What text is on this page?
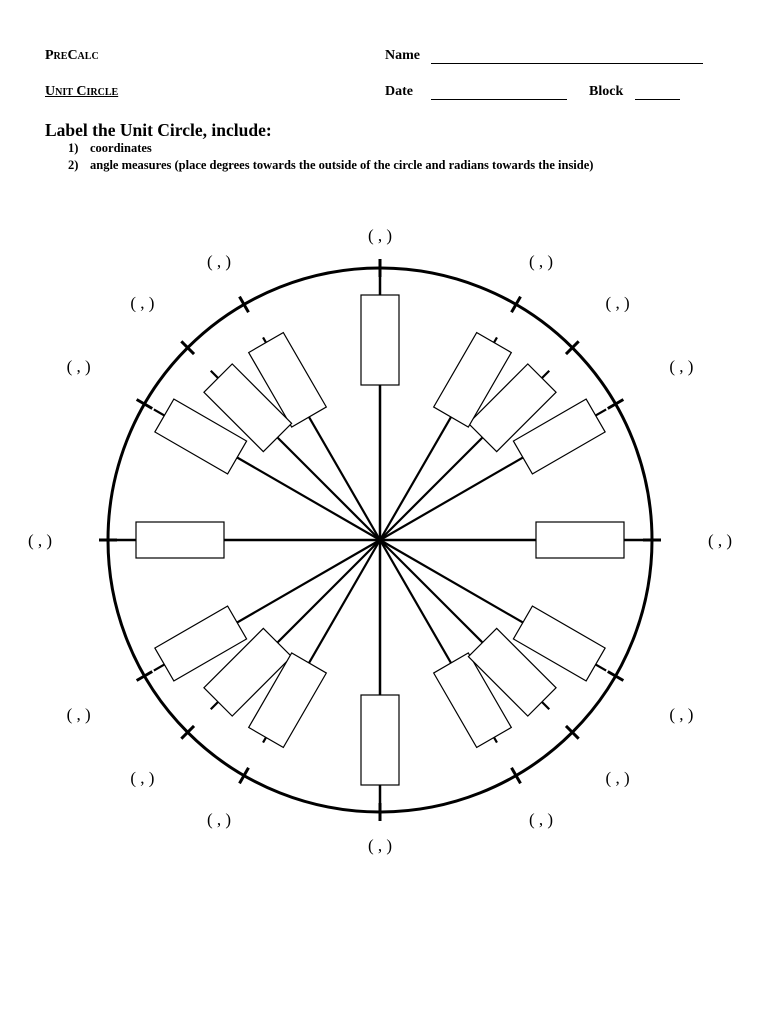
PreCalc
Unit Circle
Name
Date	Block
Label the Unit Circle, include:
1) coordinates
2) angle measures (place degrees towards the outside of the circle and radians towards the inside)
( , )
( , )
( , )
( , )
( , )
( , )
( , )
( , )
( , )
( , )
( , )
( , )
( , )
( , )
( , )
( , )
